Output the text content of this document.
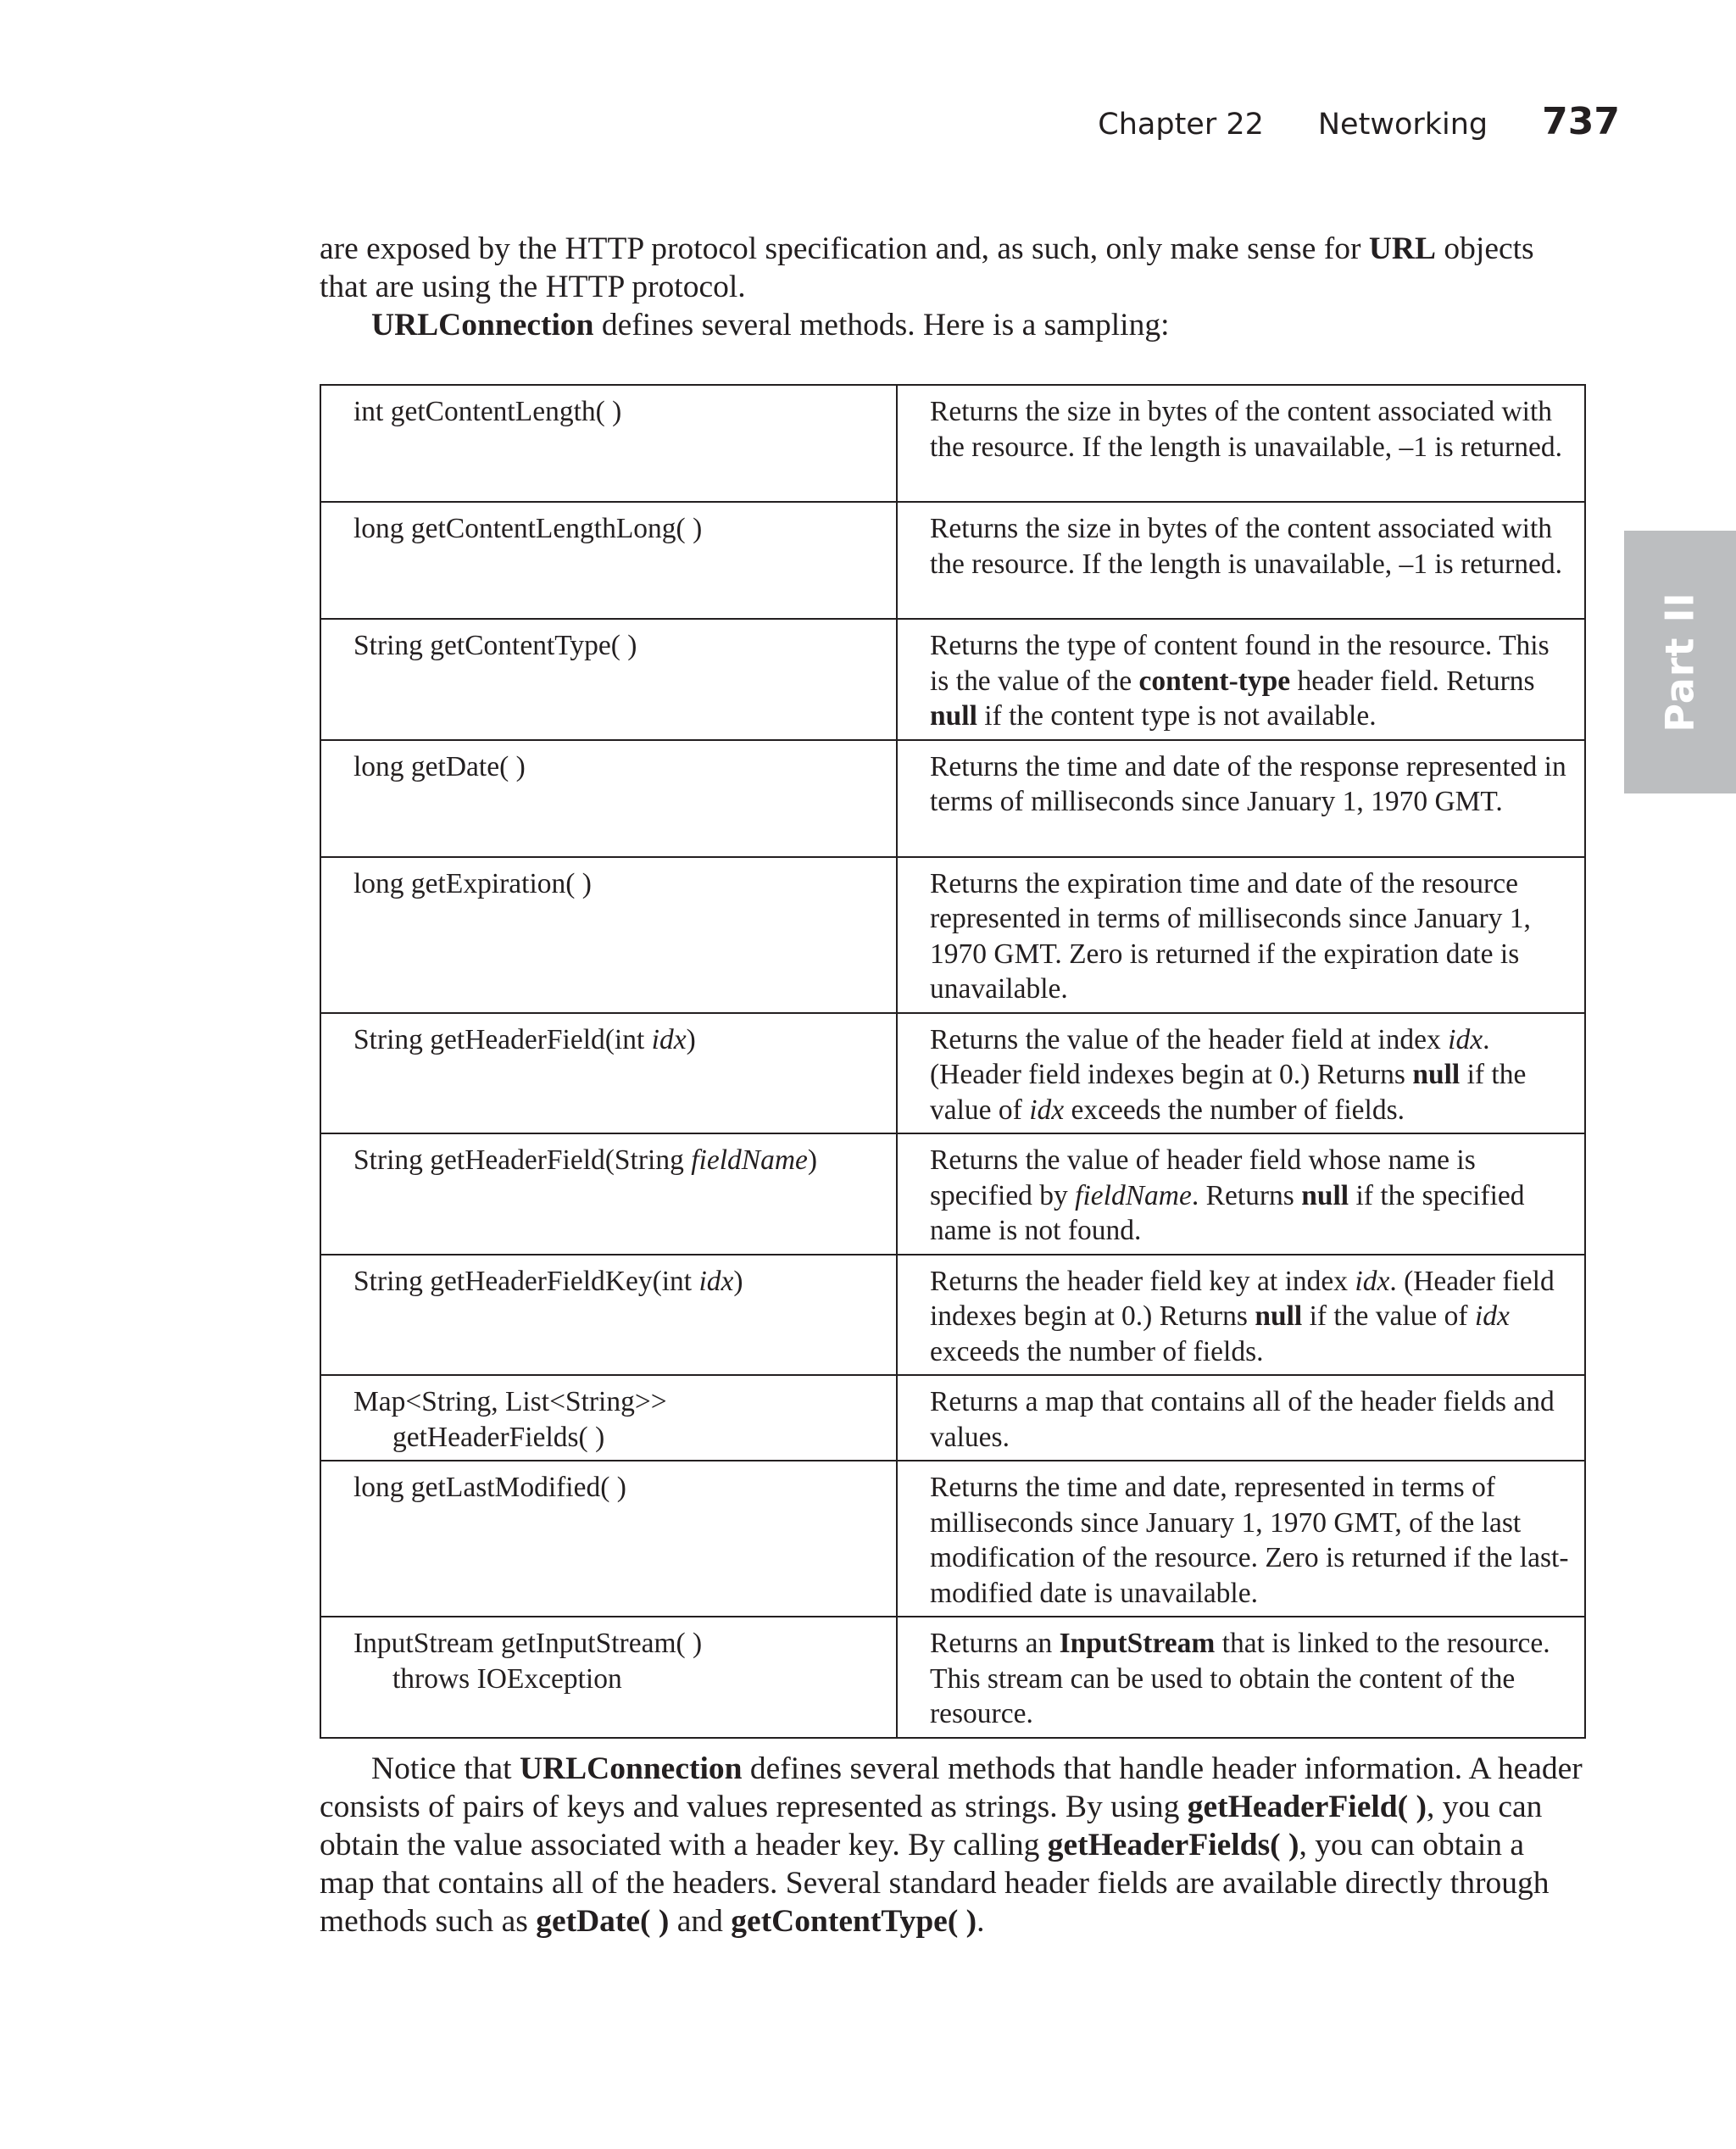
Chapter 22 Networking 737
Part II

are exposed by the HTTP protocol specification and, as such, only make sense for URL objects that are using the HTTP protocol.

URLConnection defines several methods. Here is a sampling:

int getContentLength( )	Returns the size in bytes of the content associated with the resource. If the length is unavailable, –1 is returned.
long getContentLengthLong( )	Returns the size in bytes of the content associated with the resource. If the length is unavailable, –1 is returned.
String getContentType( )	Returns the type of content found in the resource. This is the value of the content-type header field. Returns null if the content type is not available.
long getDate( )	Returns the time and date of the response represented in terms of milliseconds since January 1, 1970 GMT.
long getExpiration( )	Returns the expiration time and date of the resource represented in terms of milliseconds since January 1, 1970 GMT. Zero is returned if the expiration date is unavailable.
String getHeaderField(int idx)	Returns the value of the header field at index idx. (Header field indexes begin at 0.) Returns null if the value of idx exceeds the number of fields.
String getHeaderField(String fieldName)	Returns the value of header field whose name is specified by fieldName. Returns null if the specified name is not found.
String getHeaderFieldKey(int idx)	Returns the header field key at index idx. (Header field indexes begin at 0.) Returns null if the value of idx exceeds the number of fields.

Map<String, List<String>>
getHeaderFields( )	Returns a map that contains all of the header fields and values.
long getLastModified( )	Returns the time and date, represented in terms of milliseconds since January 1, 1970 GMT, of the last modification of the resource. Zero is returned if the last-modified date is unavailable.

InputStream getInputStream( )
throws IOException	Returns an InputStream that is linked to the resource. This stream can be used to obtain the content of the resource.

Notice that URLConnection defines several methods that handle header information. A header consists of pairs of keys and values represented as strings. By using getHeaderField( ), you can obtain the value associated with a header key. By calling getHeaderFields( ), you can obtain a map that contains all of the headers. Several standard header fields are available directly through methods such as getDate( ) and getContentType( ).
